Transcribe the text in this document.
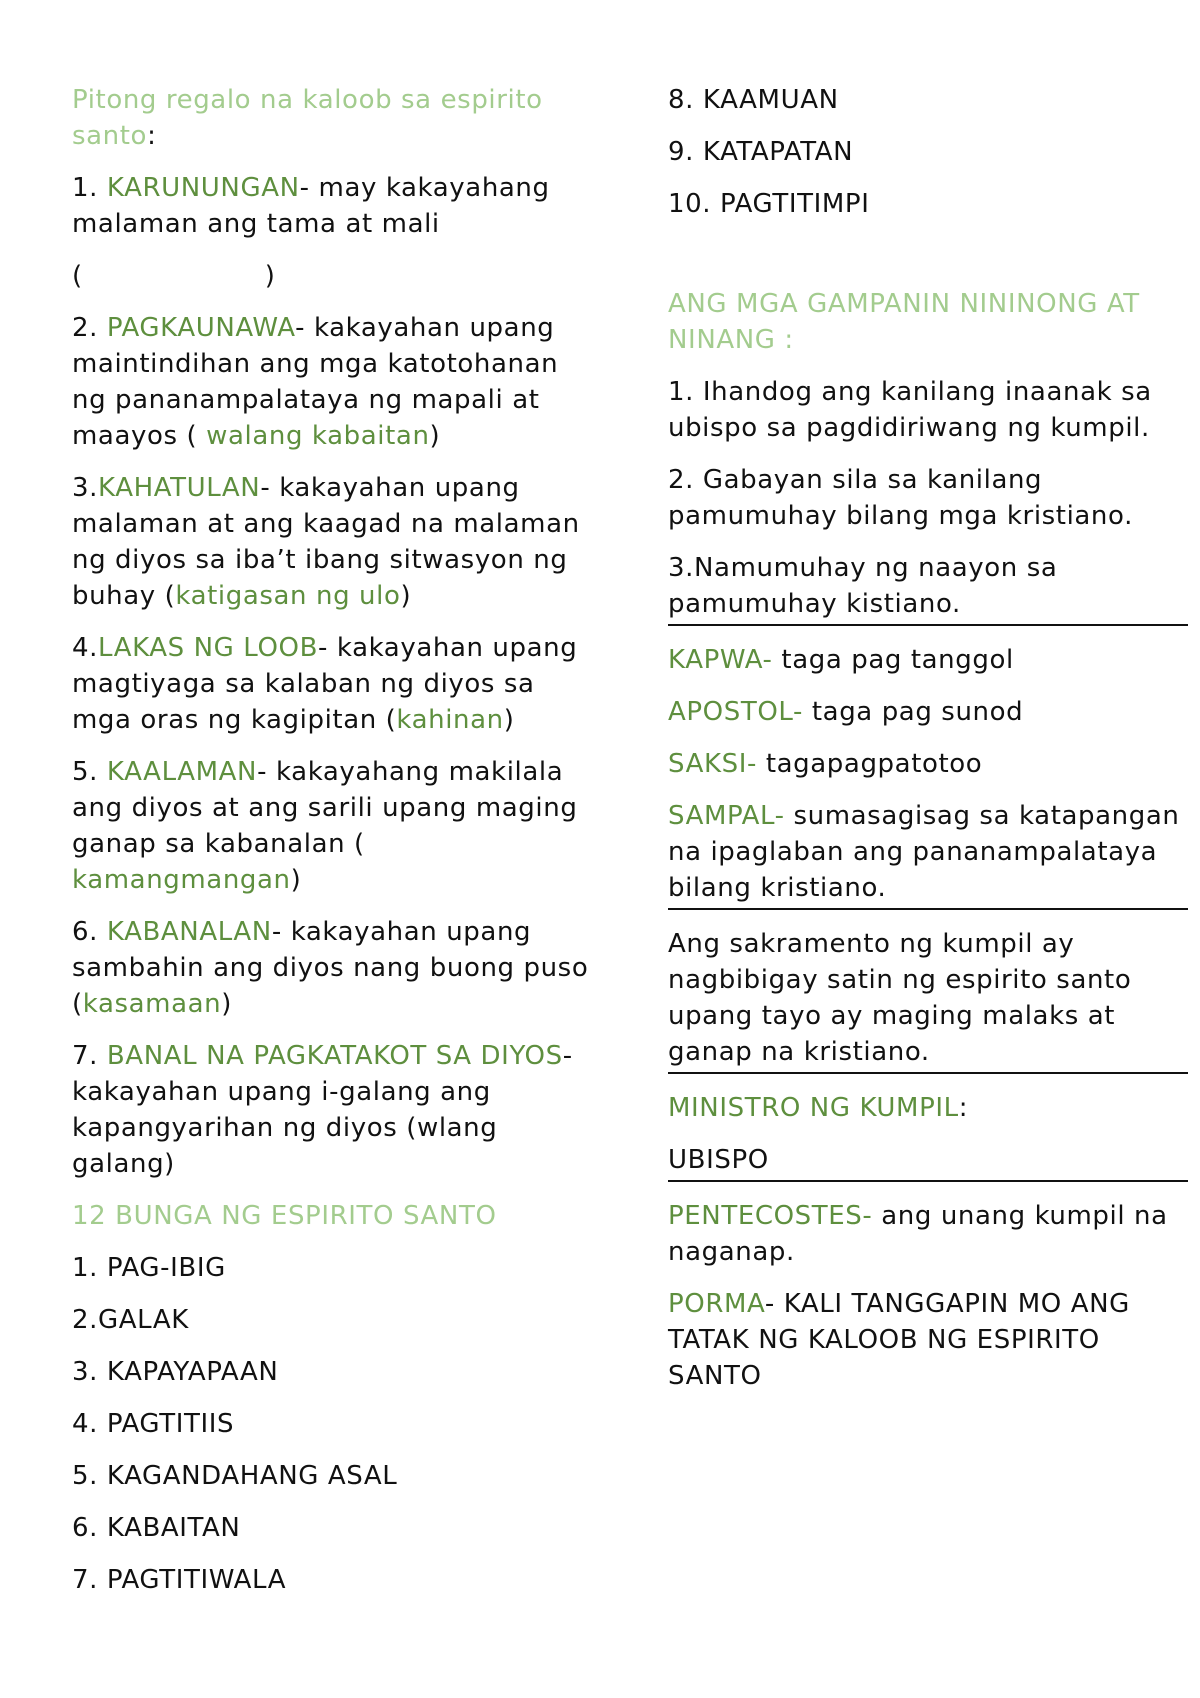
Pitong regalo na kaloob sa espirito santo:

1. KARUNUNGAN- may kakayahang malaman ang tama at mali

(	)

2. PAGKAUNAWA- kakayahan upang maintindihan ang mga katotohanan ng pananampalataya ng mapali at maayos ( walang kabaitan)

3.KAHATULAN- kakayahan upang malaman at ang kaagad na malaman ng diyos sa iba’t ibang sitwasyon ng buhay (katigasan ng ulo)

4.LAKAS NG LOOB- kakayahan upang magtiyaga sa kalaban ng diyos sa mga oras ng kagipitan (kahinan)

5. KAALAMAN- kakayahang makilala ang diyos at ang sarili upang maging ganap sa kabanalan ( kamangmangan)

6. KABANALAN- kakayahan upang sambahin ang diyos nang buong puso (kasamaan)

7. BANAL NA PAGKATAKOT SA DIYOS- kakayahan upang i-galang ang kapangyarihan ng diyos (wlang galang)

12 BUNGA NG ESPIRITO SANTO

1. PAG-IBIG

2.GALAK

3. KAPAYAPAAN

4. PAGTITIIS

5. KAGANDAHANG ASAL

6. KABAITAN

7. PAGTITIWALA

8. KAAMUAN

9. KATAPATAN

10. PAGTITIMPI

ANG MGA GAMPANIN NININONG AT NINANG :

1. Ihandog ang kanilang inaanak sa ubispo sa pagdidiriwang ng kumpil.

2. Gabayan sila sa kanilang pamumuhay bilang mga kristiano.

3.Namumuhay ng naayon sa pamumuhay kistiano.

KAPWA- taga pag tanggol

APOSTOL- taga pag sunod

SAKSI- tagapagpatotoo

SAMPAL- sumasagisag sa katapangan na ipaglaban ang pananampalataya bilang kristiano.

Ang sakramento ng kumpil ay nagbibigay satin ng espirito santo upang tayo ay maging malaks at ganap na kristiano.

MINISTRO NG KUMPIL:

UBISPO

PENTECOSTES- ang unang kumpil na naganap.

PORMA- KALI TANGGAPIN MO ANG TATAK NG KALOOB NG ESPIRITO SANTO
